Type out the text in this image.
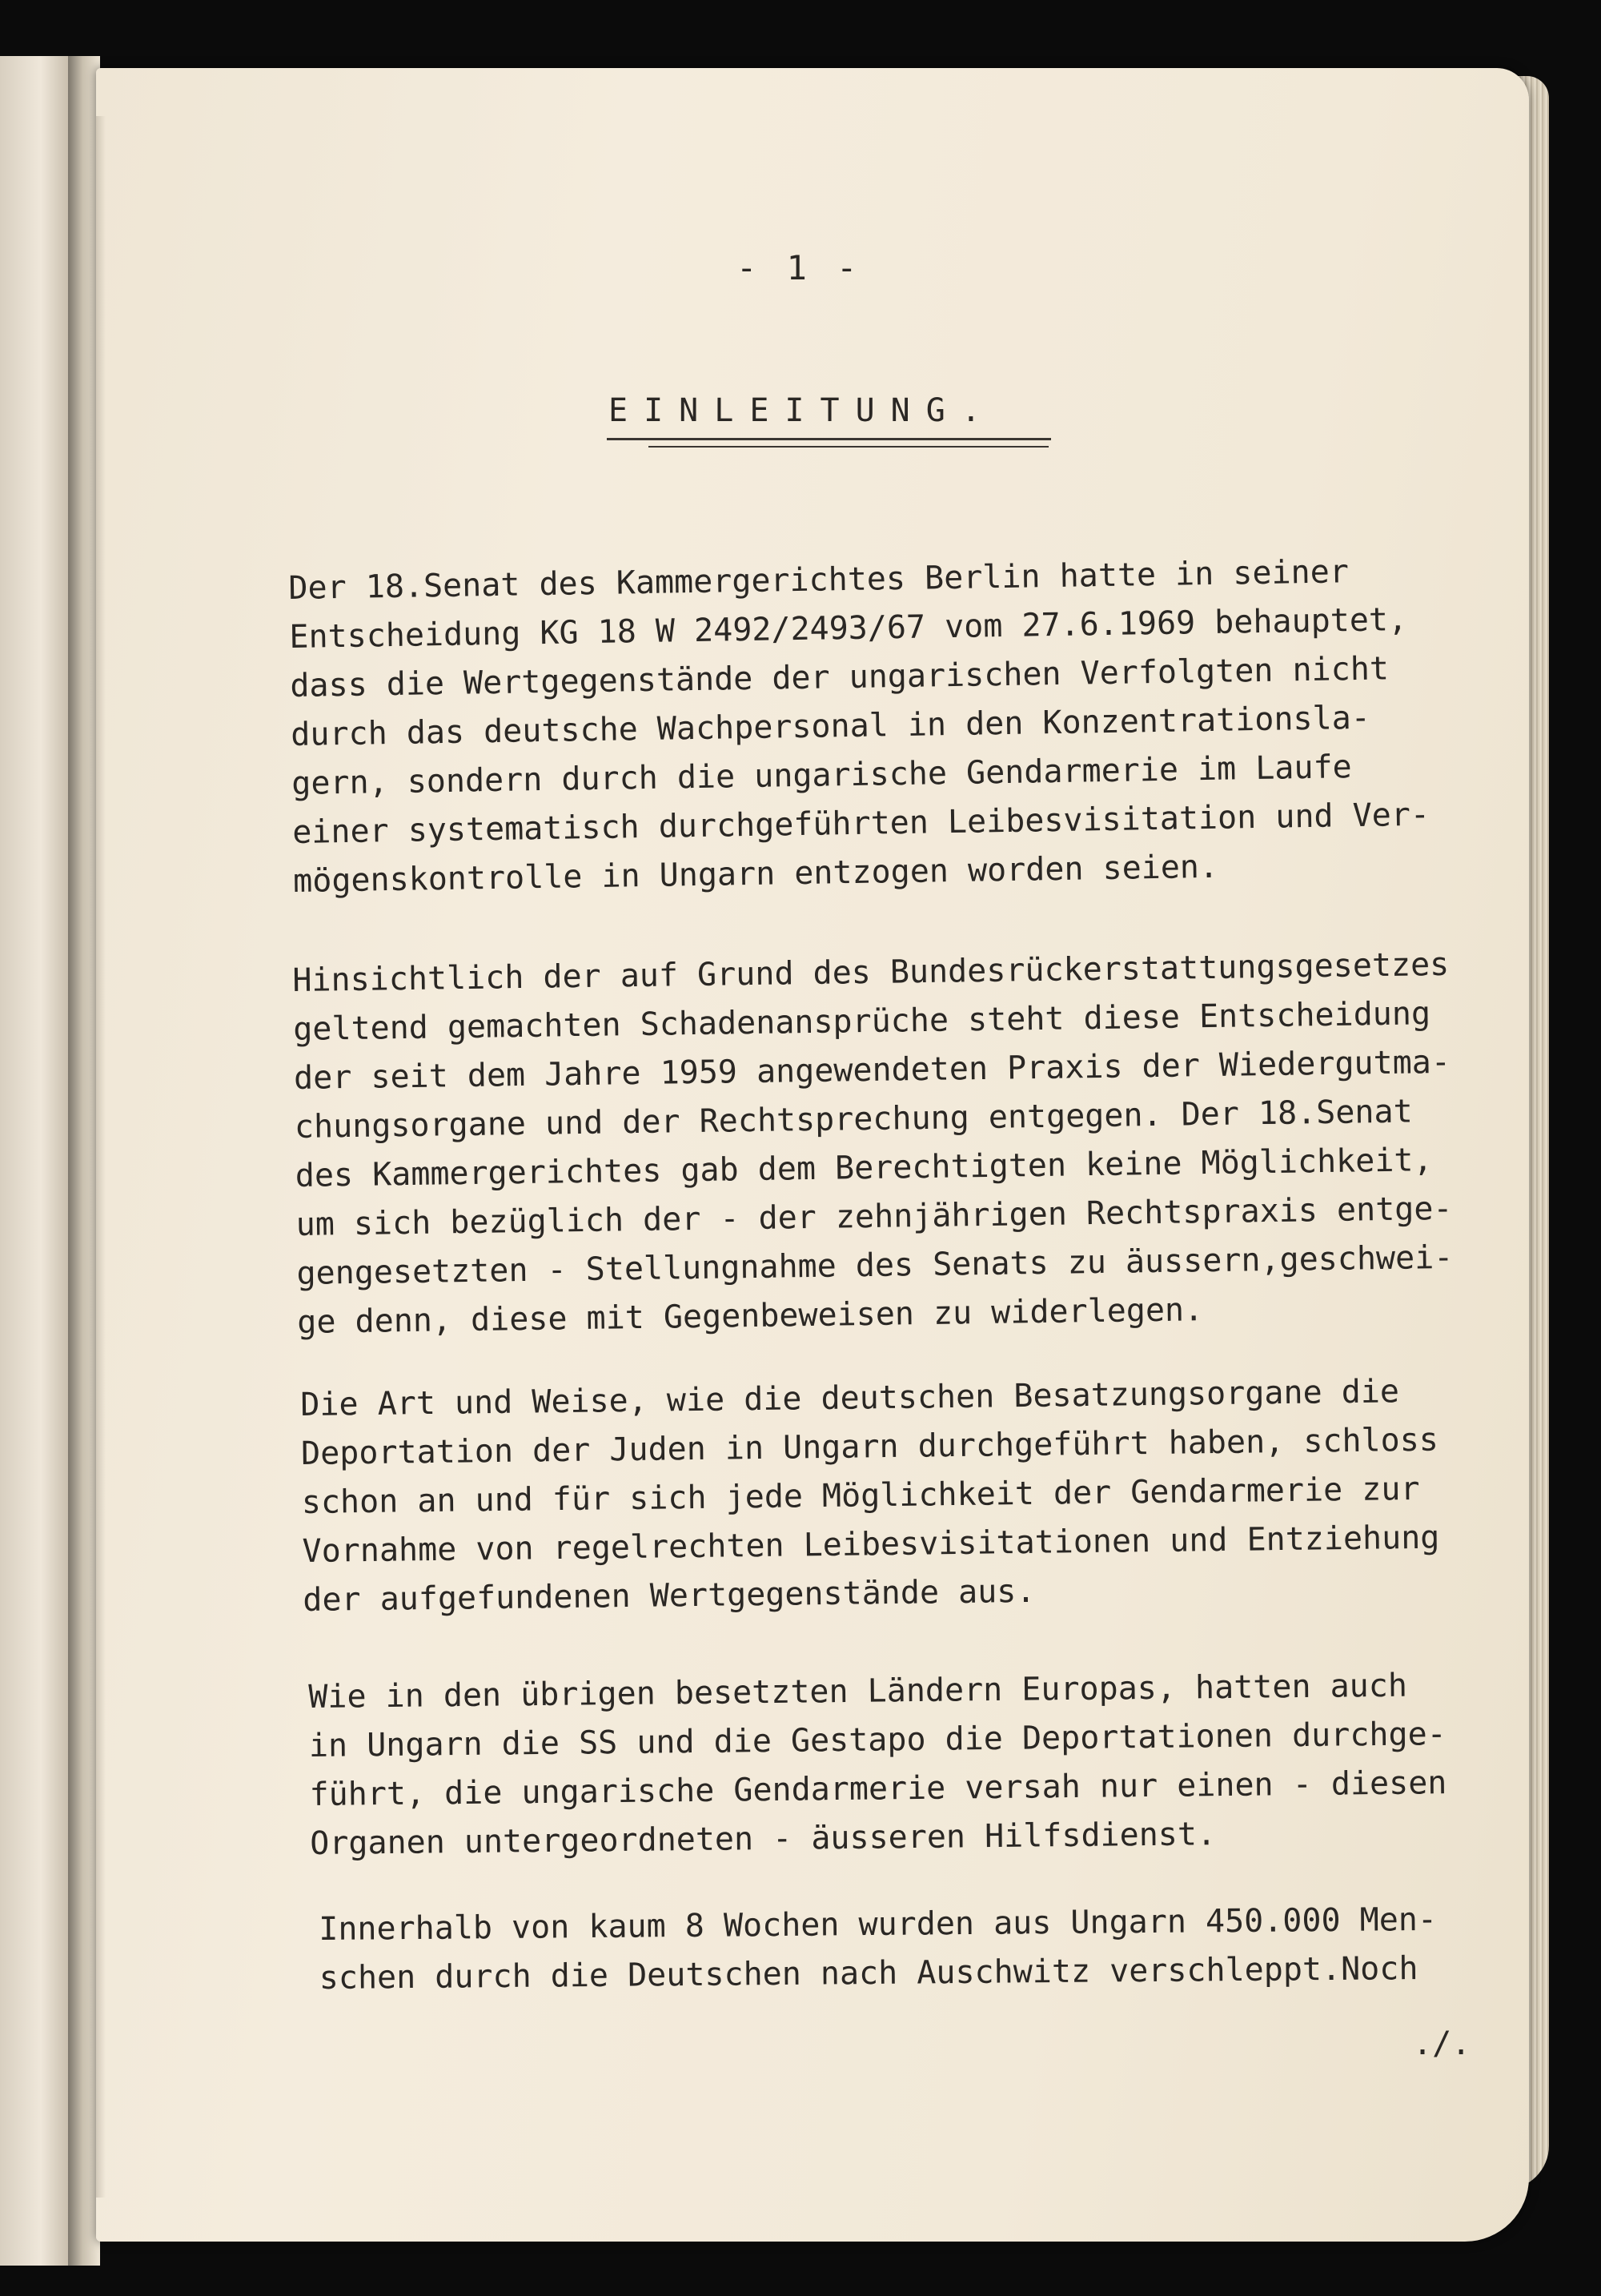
- 1 -

EINLEITUNG.

Der 18.Senat des Kammergerichtes Berlin hatte in seiner
Entscheidung KG 18 W 2492/2493/67 vom 27.6.1969 behauptet,
dass die Wertgegenstände der ungarischen Verfolgten nicht
durch das deutsche Wachpersonal in den Konzentrationsla-
gern, sondern durch die ungarische Gendarmerie im Laufe
einer systematisch durchgeführten Leibesvisitation und Ver-
mögenskontrolle in Ungarn entzogen worden seien.

Hinsichtlich der auf Grund des Bundesrückerstattungsgesetzes
geltend gemachten Schadenansprüche steht diese Entscheidung
der seit dem Jahre 1959 angewendeten Praxis der Wiedergutma-
chungsorgane und der Rechtsprechung entgegen. Der 18.Senat
des Kammergerichtes gab dem Berechtigten keine Möglichkeit,
um sich bezüglich der - der zehnjährigen Rechtspraxis entge-
gengesetzten - Stellungnahme des Senats zu äussern,geschwei-
ge denn, diese mit Gegenbeweisen zu widerlegen.

Die Art und Weise, wie die deutschen Besatzungsorgane die
Deportation der Juden in Ungarn durchgeführt haben, schloss
schon an und für sich jede Möglichkeit der Gendarmerie zur
Vornahme von regelrechten Leibesvisitationen und Entziehung
der aufgefundenen Wertgegenstände aus.

Wie in den übrigen besetzten Ländern Europas, hatten auch
in Ungarn die SS und die Gestapo die Deportationen durchge-
führt, die ungarische Gendarmerie versah nur einen - diesen
Organen untergeordneten - äusseren Hilfsdienst.

Innerhalb von kaum 8 Wochen wurden aus Ungarn 450.000 Men-
schen durch die Deutschen nach Auschwitz verschleppt.Noch

./.
